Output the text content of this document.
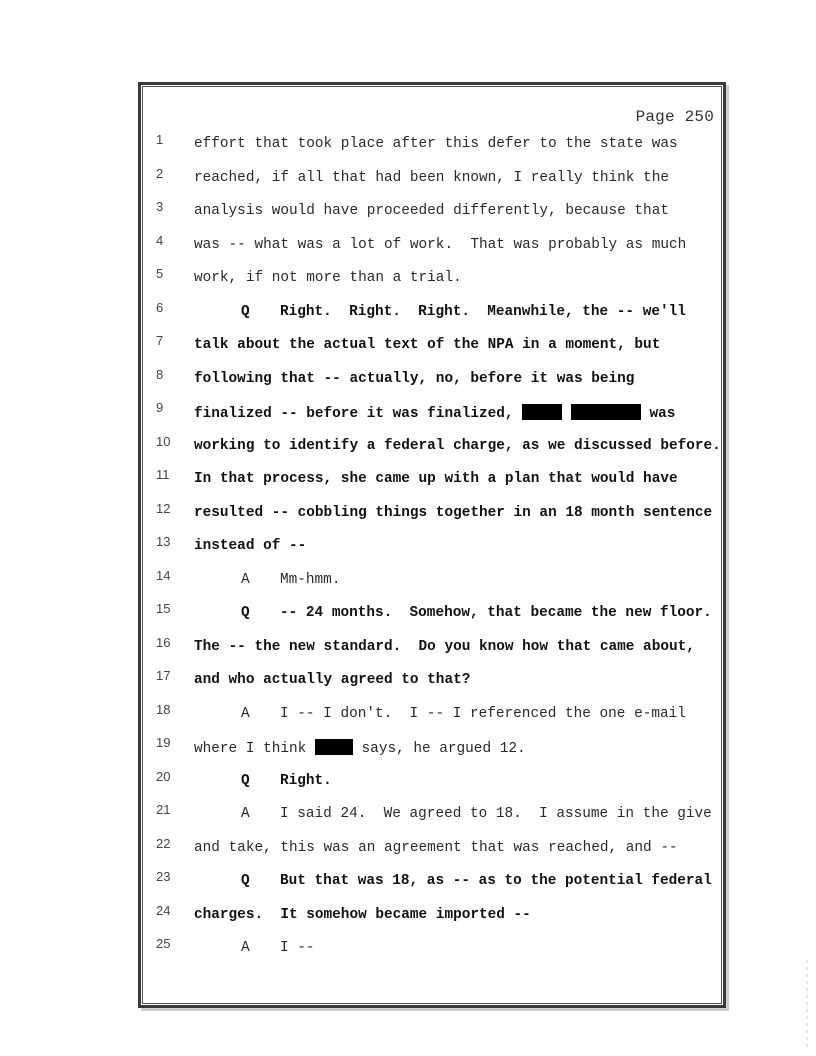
Page 250
1	effort that took place after this defer to the state was
2	reached, if all that had been known, I really think the
3	analysis would have proceeded differently, because that
4	was -- what was a lot of work.  That was probably as much
5	work, if not more than a trial.
6	Q Right.  Right.  Right.  Meanwhile, the -- we'll
7	talk about the actual text of the NPA in a moment, but
8	following that -- actually, no, before it was being
9	finalized -- before it was finalized,	was
10	working to identify a federal charge, as we discussed before.
11	In that process, she came up with a plan that would have
12	resulted -- cobbling things together in an 18 month sentence
13	instead of --
14	A Mm-hmm.
15	Q -- 24 months.  Somehow, that became the new floor.
16	The -- the new standard.  Do you know how that came about,
17	and who actually agreed to that?
18	A I -- I don't.  I -- I referenced the one e-mail
19	where I think	says, he argued 12.
20	Q Right.
21	A I said 24.  We agreed to 18.  I assume in the give
22	and take, this was an agreement that was reached, and --
23	Q But that was 18, as -- as to the potential federal
24	charges.  It somehow became imported --
25	A I --
